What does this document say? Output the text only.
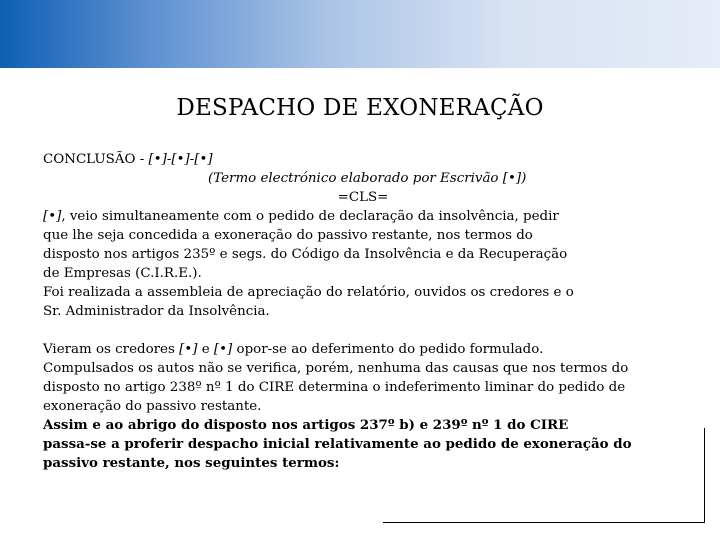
DESPACHO DE EXONERAÇÃO
CONCLUSÃO - [•]-[•]-[•]
(Termo electrónico elaborado por Escrivão [•])
=CLS=
[•], veio simultaneamente com o pedido de declaração da insolvência, pedir
que lhe seja concedida a exoneração do passivo restante, nos termos do
disposto nos artigos 235º e segs. do Código da Insolvência e da Recuperação
de Empresas (C.I.R.E.).
Foi realizada a assembleia de apreciação do relatório, ouvidos os credores e o
Sr. Administrador da Insolvência.
Vieram os credores [•] e [•] opor-se ao deferimento do pedido formulado.
Compulsados os autos não se verifica, porém, nenhuma das causas que nos termos do
disposto no artigo 238º nº 1 do CIRE determina o indeferimento liminar do pedido de
exoneração do passivo restante.
Assim e ao abrigo do disposto nos artigos 237º b) e 239º nº 1 do CIRE
passa-se a proferir despacho inicial relativamente ao pedido de exoneração do
passivo restante, nos seguintes termos:
